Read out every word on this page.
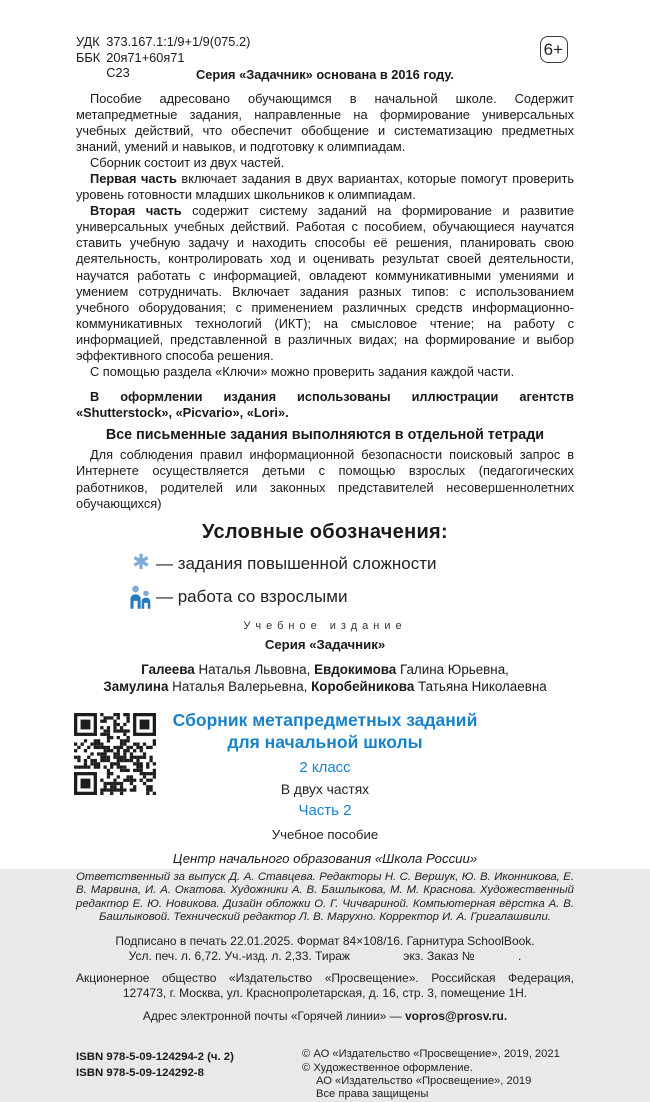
УДК	373.167.1:1/9+1/9(075.2)
ББК	20я71+60я71
	С23
6+
Серия «Задачник» основана в 2016 году.

Пособие адресовано обучающимся в начальной школе. Содержит метапредметные задания, направленные на формирование универсальных учебных действий, что обеспечит обобщение и систематизацию предметных знаний, умений и навыков, и подготовку к олимпиадам.

Сборник состоит из двух частей.

Первая часть включает задания в двух вариантах, которые помогут проверить уровень готовности младших школьников к олимпиадам.

Вторая часть содержит систему заданий на формирование и развитие универсальных учебных действий. Работая с пособием, обучающиеся научатся ставить учебную задачу и находить способы её решения, планировать свою деятельность, контролировать ход и оценивать результат своей деятельности, научатся работать с информацией, овладеют коммуникативными умениями и умением сотрудничать. Включает задания разных типов: с использованием учебного оборудования; с применением различных средств информационно-коммуникативных технологий (ИКТ); на смысловое чтение; на работу с информацией, представленной в различных видах; на формирование и выбор эффективного способа решения.

С помощью раздела «Ключи» можно проверить задания каждой части.

В оформлении издания использованы иллюстрации агентств «Shutterstock», «Picvario», «Lori».

Все письменные задания выполняются в отдельной тетради

Для соблюдения правил информационной безопасности поисковый запрос в Интернете осуществляется детьми с помощью взрослых (педагогических работников, родителей или законных представителей несовершеннолетних обучающихся)

Условные обозначения:
✱ — задания повышенной сложности
— работа со взрослыми
Учебное издание
Серия «Задачник»
Галеева Наталья Львовна, Евдокимова Галина Юрьевна,
Замулина Наталья Валерьевна, Коробейникова Татьяна Николаевна

Сборник метапредметных заданий
для начальной школы

2 класс
В двух частях
Часть 2
Учебное пособие
Центр начального образования «Школа России»
Ответственный за выпуск Д. А. Ставцева. Редакторы Н. С. Вершук, Ю. В. Иконникова, Е. В. Марвина, И. А. Окатова. Художники А. В. Башлыкова, М. М. Краснова. Художественный редактор Е. Ю. Новикова. Дизайн обложки О. Г. Чичвариной. Компьютерная вёрстка А. В. Башлыковой. Технический редактор Л. В. Марухно. Корректор И. А. Григалашвили.
Подписано в печать 22.01.2025. Формат 84×108/16. Гарнитура SchoolBook.
Усл. печ. л. 6,72. Уч.-изд. л. 2,33. Тираж                экз. Заказ №             .
Акционерное общество «Издательство «Просвещение». Российская Федерация, 127473, г. Москва, ул. Краснопролетарская, д. 16, стр. 3, помещение 1Н.
Адрес электронной почты «Горячей линии» — vopros@prosv.ru.
ISBN 978-5-09-124294-2 (ч. 2)
ISBN 978-5-09-124292-8
© АО «Издательство «Просвещение», 2019, 2021
© Художественное оформление.
АО «Издательство «Просвещение», 2019
Все права защищены
